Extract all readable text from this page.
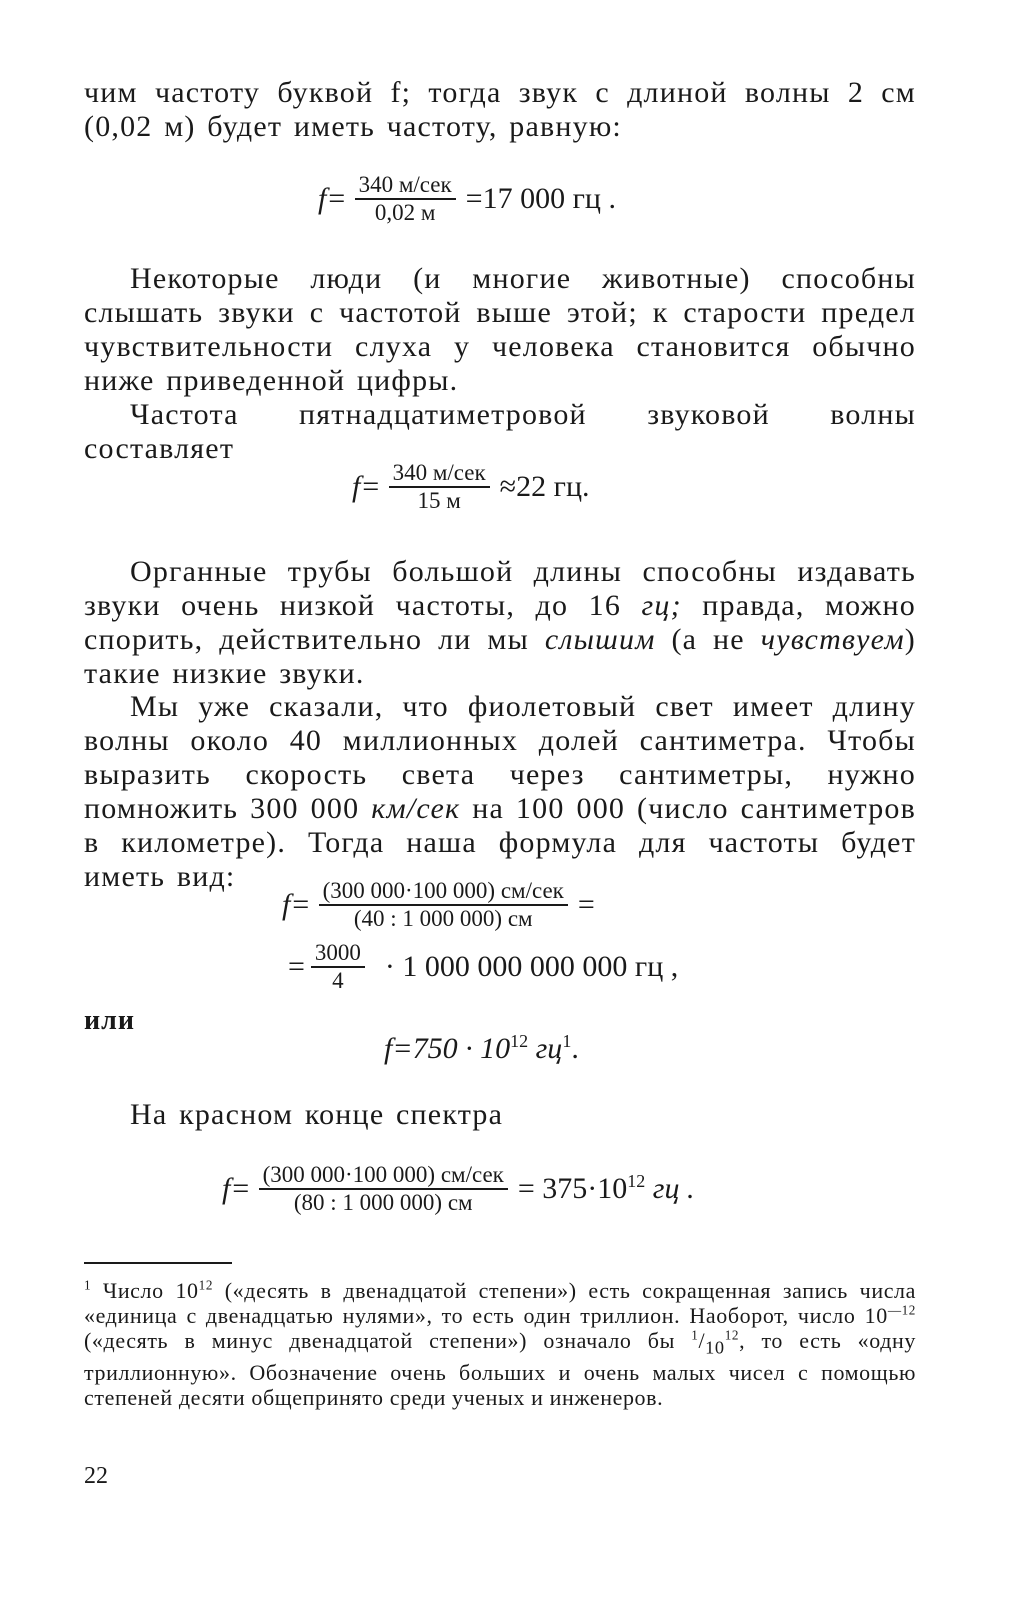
чим частоту буквой f; тогда звук с длиной волны 2 см (0,02 м) будет иметь частоту, равную:

$f= \frac{\text{340 м/сек}}{0,02 м} =17$ 000 гц .

Некоторые люди (и многие животные) способны слышать звуки с частотой выше этой; к старости предел чувствительности слуха у человека становится обычно ниже приведенной цифры.

Частота пятнадцатиметровой звуковой волны составляет

$f= \frac{\text{340 м/сек}}{15 м} \approx 22$ гц.

Органные трубы большой длины способны издавать звуки очень низкой частоты, до 16 гц; правда, можно спорить, действительно ли мы слышим (а не чувствуем) такие низкие звуки.

Мы уже сказали, что фиолетовый свет имеет длину волны около 40 миллионных долей сантиметра. Чтобы выразить скорость света через сантиметры, нужно помножить 300 000 км/сек на 100 000 (число сантиметров в километре). Тогда наша формула для частоты будет иметь вид:

$f= \frac{\text{(300 000·100 000) см/сек}}{(40 : 1 000 000) см}$ =
= $\frac{3000}{4} \cdot 1$ 000 000 000 000 гц ,
или
$f=750 \cdot 10^{12}$ $гц^1$.

На красном конце спектра

$f= \frac{\text{(300 000·100 000) см/сек}}{(80 : 1 000 000) см} = 375\cdot 10^{12}$ гц .

$^1$ Число $10^{12}$ («десять в двенадцатой степени») есть сокращенная запись числа «единица с двенадцатью нулями», то есть один триллион. Наоборот, число $10^{—12}$ («десять в минус двенадцатой степени») означало бы $^1/_{10}^{12}$, то есть «одну триллионную». Обозначение очень больших и очень малых чисел с помощью степеней десяти общепринято среди ученых и инженеров.

22
